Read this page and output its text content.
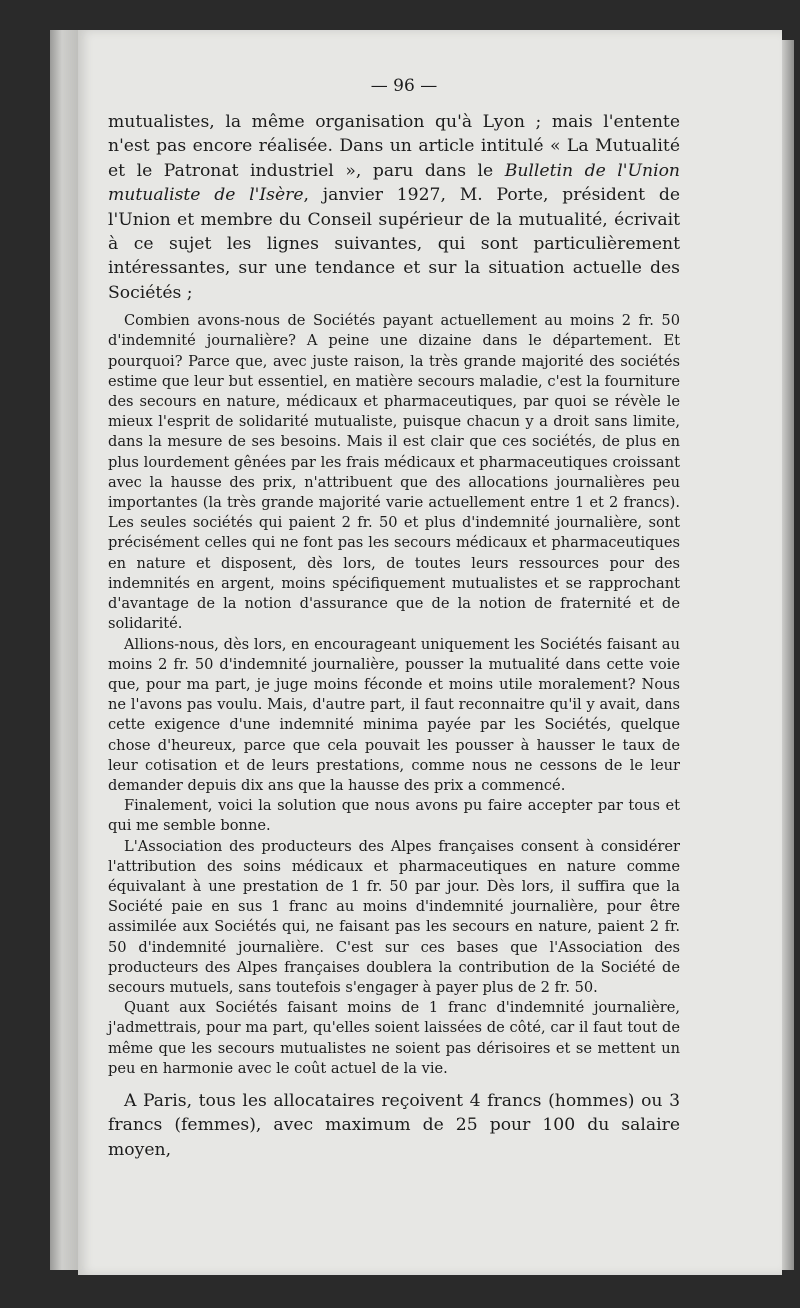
— 96 —

mutualistes, la même organisation qu'à Lyon ; mais l'entente n'est pas encore réalisée. Dans un article intitulé « La Mutualité et le Patronat industriel », paru dans le Bulletin de l'Union mutualiste de l'Isère, janvier 1927, M. Porte, président de l'Union et membre du Conseil supérieur de la mutualité, écrivait à ce sujet les lignes suivantes, qui sont particulièrement intéressantes, sur une tendance et sur la situation actuelle des Sociétés ;

Combien avons-nous de Sociétés payant actuellement au moins 2 fr. 50 d'indemnité journalière? A peine une dizaine dans le département. Et pourquoi? Parce que, avec juste raison, la très grande majorité des sociétés estime que leur but essentiel, en matière secours maladie, c'est la fourniture des secours en nature, médicaux et pharmaceutiques, par quoi se révèle le mieux l'esprit de solidarité mutualiste, puisque chacun y a droit sans limite, dans la mesure de ses besoins. Mais il est clair que ces sociétés, de plus en plus lourdement gênées par les frais médicaux et pharmaceutiques croissant avec la hausse des prix, n'attribuent que des allocations journalières peu importantes (la très grande majorité varie actuellement entre 1 et 2 francs). Les seules sociétés qui paient 2 fr. 50 et plus d'indemnité journalière, sont précisément celles qui ne font pas les secours médicaux et pharmaceutiques en nature et disposent, dès lors, de toutes leurs ressources pour des indemnités en argent, moins spécifiquement mutualistes et se rapprochant d'avantage de la notion d'assurance que de la notion de fraternité et de solidarité.

Allions-nous, dès lors, en encourageant uniquement les Sociétés faisant au moins 2 fr. 50 d'indemnité journalière, pousser la mutualité dans cette voie que, pour ma part, je juge moins féconde et moins utile moralement? Nous ne l'avons pas voulu. Mais, d'autre part, il faut reconnaitre qu'il y avait, dans cette exigence d'une indemnité minima payée par les Sociétés, quelque chose d'heureux, parce que cela pouvait les pousser à hausser le taux de leur cotisation et de leurs prestations, comme nous ne cessons de le leur demander depuis dix ans que la hausse des prix a commencé.

Finalement, voici la solution que nous avons pu faire accepter par tous et qui me semble bonne.

L'Association des producteurs des Alpes françaises consent à considérer l'attribution des soins médicaux et pharmaceutiques en nature comme équivalant à une prestation de 1 fr. 50 par jour. Dès lors, il suffira que la Société paie en sus 1 franc au moins d'indemnité journalière, pour être assimilée aux Sociétés qui, ne faisant pas les secours en nature, paient 2 fr. 50 d'indemnité journalière. C'est sur ces bases que l'Association des producteurs des Alpes françaises doublera la contribution de la Société de secours mutuels, sans toutefois s'engager à payer plus de 2 fr. 50.

Quant aux Sociétés faisant moins de 1 franc d'indemnité journalière, j'admettrais, pour ma part, qu'elles soient laissées de côté, car il faut tout de même que les secours mutualistes ne soient pas dérisoires et se mettent un peu en harmonie avec le coût actuel de la vie.

A Paris, tous les allocataires reçoivent 4 francs (hommes) ou 3 francs (femmes), avec maximum de 25 pour 100 du salaire moyen,
